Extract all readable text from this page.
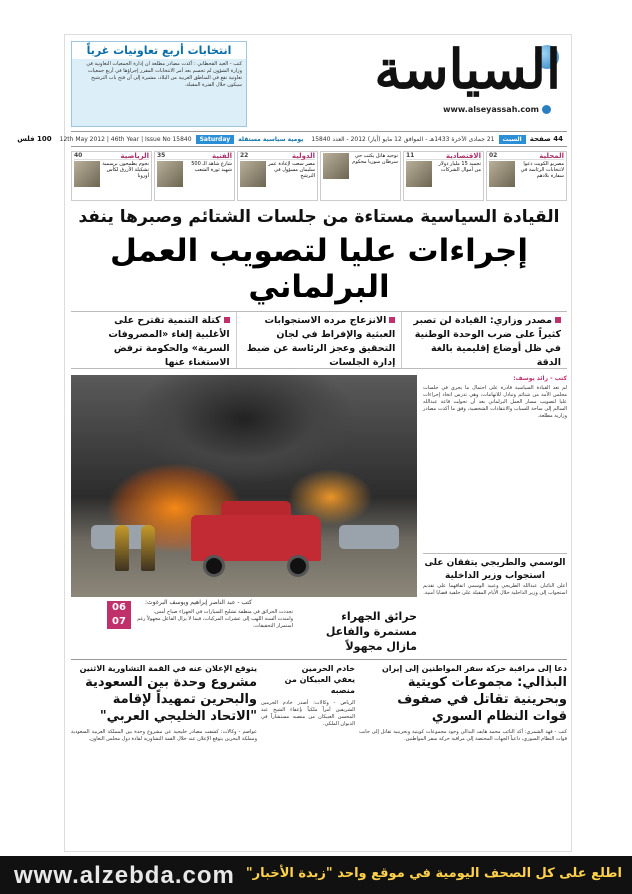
انتخابات أربع تعاونيات غرباً
كتب - الغيد القحطاني : أكدت مصادر مطلعة ان إدارة الجمعيات التعاونية في وزارة الشؤون لم تحسم بعد أمر الانتخابات المقرر إجراؤها في أربع جمعيات تعاونية تقع في المناطق الغربية من البلاد، مشيرة إلى أن فتح باب الترشيح سيكون خلال الفترة المقبلة. السياسة
www.alseyassah.com
44 صفحة
السبت
21 جمادى الآخرة 1433هـ - الموافق 12 مايو (أيار) 2012 - العدد 15840
يومية سياسية مستقلة
Saturday
12th May 2012 | 46th Year | Issue No 15840
100 فلس
المحلية
02
مصريو الكويت دعوا لانتخابات الرئاسة في سفارة بلادهم
الاقتصادية
11
تجميد 15 مليار دولار من أموال الشركات
توحيد هاتل يكتب حي سرطان سوريا محكوم
الدولية
22
مصر سعت لإعادة عمر سليمان مسؤول في الترشح
الفنية
35
شارع شاهد الـ 500 شهيد ثورة الشعب
الرياضية
40
نجوم يطمحون برسمية تشكيلة الأزرق لكأس أوروبا
القيادة السياسية مستاءة من جلسات الشتائم وصبرها ينفد
إجراءات عليا لتصويب العمل البرلماني
مصدر وزاري: القيادة لن تصبر كثيراً على ضرب الوحدة الوطنية في ظل أوضاع إقليمية بالغة الدقة
الانزعاج مرده الاستجوابات العبثية والإفراط في لجان التحقيق وعجز الرئاسة عن ضبط إدارة الجلسات
كتلة التنمية تقترح على الأغلبية إلغاء «المصروفات السرية» والحكومة ترفض الاستغناء عنها
كتب - رائد يوسف:
لم تعد القيادة السياسية قادرة على احتمال ما يجري في جلسات مجلس الأمة من شتائم وتبادل للاتهامات، وهي تدرس اتخاذ إجراءات عليا لتصويب مسار العمل البرلماني بعد أن تحولت قاعة عبدالله السالم إلى ساحة للسباب والانتقادات الشخصية، وفق ما أكدت مصادر وزارية مطلعة.
الوسمي والطريجي يتفقان على استجواب وزير الداخلية
أعلن النائبان عبدالله الطريجي وعبيد الوسمي اتفاقهما على تقديم استجواب إلى وزير الداخلية خلال الأيام المقبلة على خلفية قضايا أمنية.
كتب - عبد الناصر إبراهيم ويوسف البرغوث:
حرائق الجهراء مستمرة والفاعل مازال مجهولاً
تجددت الحرائق في منطقة تشليح السيارات في الجهراء صباح أمس، وامتدت ألسنة اللهب إلى عشرات المركبات، فيما لا يزال الفاعل مجهولاً رغم استمرار التحقيقات.
06
07
دعا إلى مراقبة حركة سفر المواطنين إلى إيران
البذالي: مجموعات كويتية وبحرينية تقاتل في صفوف قوات النظام السوري
كتب - فهد الشمري: أكد النائب محمد هايف البذالي وجود مجموعات كويتية وبحرينية تقاتل إلى جانب قوات النظام السوري، داعياً الجهات المختصة إلى مراقبة حركة سفر المواطنين.
خادم الحرمين
يعفي العبيكان من منصبه
الرياض - وكالات: أصدر خادم الحرمين الشريفين أمراً ملكياً بإعفاء الشيخ عبد المحسن العبيكان من منصبه مستشاراً في الديوان الملكي.
يتوقع الإعلان عنه في القمة التشاورية الاثنين
مشروع وحدة بين السعودية والبحرين تمهيداً لإقامة "الاتحاد الخليجي العربي"
عواصم - وكالات: كشفت مصادر خليجية عن مشروع وحدة بين المملكة العربية السعودية ومملكة البحرين يتوقع الإعلان عنه خلال القمة التشاورية لقادة دول مجلس التعاون.
www.alzebda.com اطلع على كل الصحف اليومية في موقع واحد "زبدة الأخبار"
